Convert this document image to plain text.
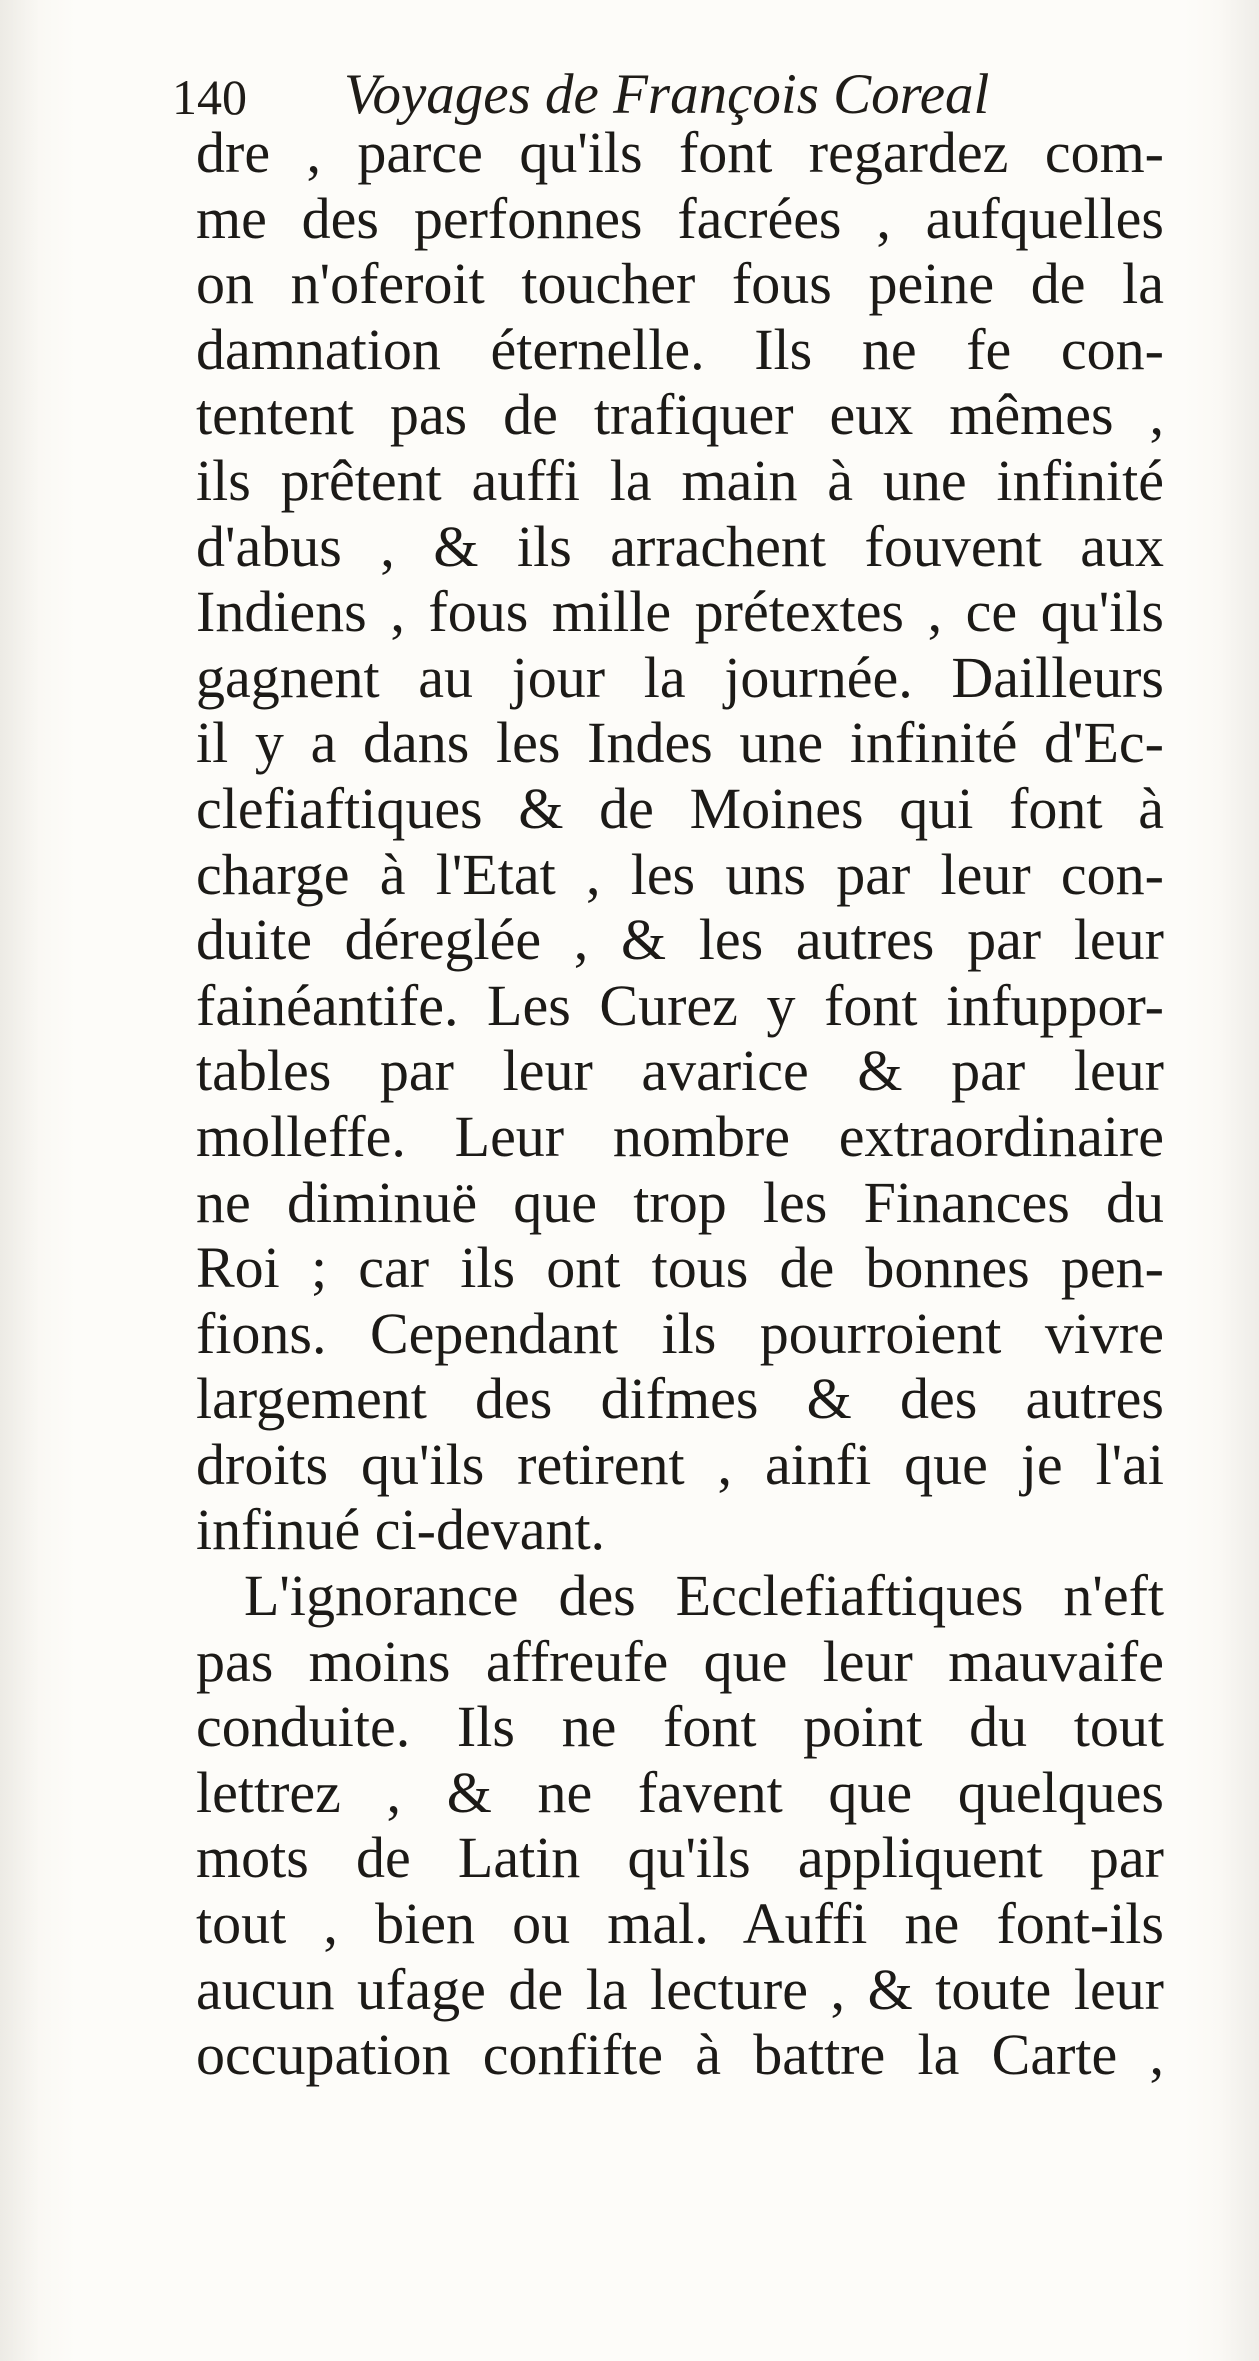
140 Voyages de François Coreal
dre , parce qu'ils font regardez com-
me des perfonnes facrées , aufquelles
on n'oferoit toucher fous peine de la
damnation éternelle. Ils ne fe con-
tentent pas de trafiquer eux mêmes ,
ils prêtent auffi la main à une infinité
d'abus , & ils arrachent fouvent aux
Indiens , fous mille prétextes , ce qu'ils
gagnent au jour la journée. Dailleurs
il y a dans les Indes une infinité d'Ec-
clefiaftiques & de Moines qui font à
charge à l'Etat , les uns par leur con-
duite déreglée , & les autres par leur
fainéantife. Les Curez y font infuppor-
tables par leur avarice & par leur
molleffe. Leur nombre extraordinaire
ne diminuë que trop les Finances du
Roi ; car ils ont tous de bonnes pen-
fions. Cependant ils pourroient vivre
largement des difmes & des autres
droits qu'ils retirent , ainfi que je l'ai
infinué ci-devant.
L'ignorance des Ecclefiaftiques n'eft
pas moins affreufe que leur mauvaife
conduite. Ils ne font point du tout
lettrez , & ne favent que quelques
mots de Latin qu'ils appliquent par
tout , bien ou mal. Auffi ne font-ils
aucun ufage de la lecture , & toute leur
occupation confifte à battre la Carte ,
